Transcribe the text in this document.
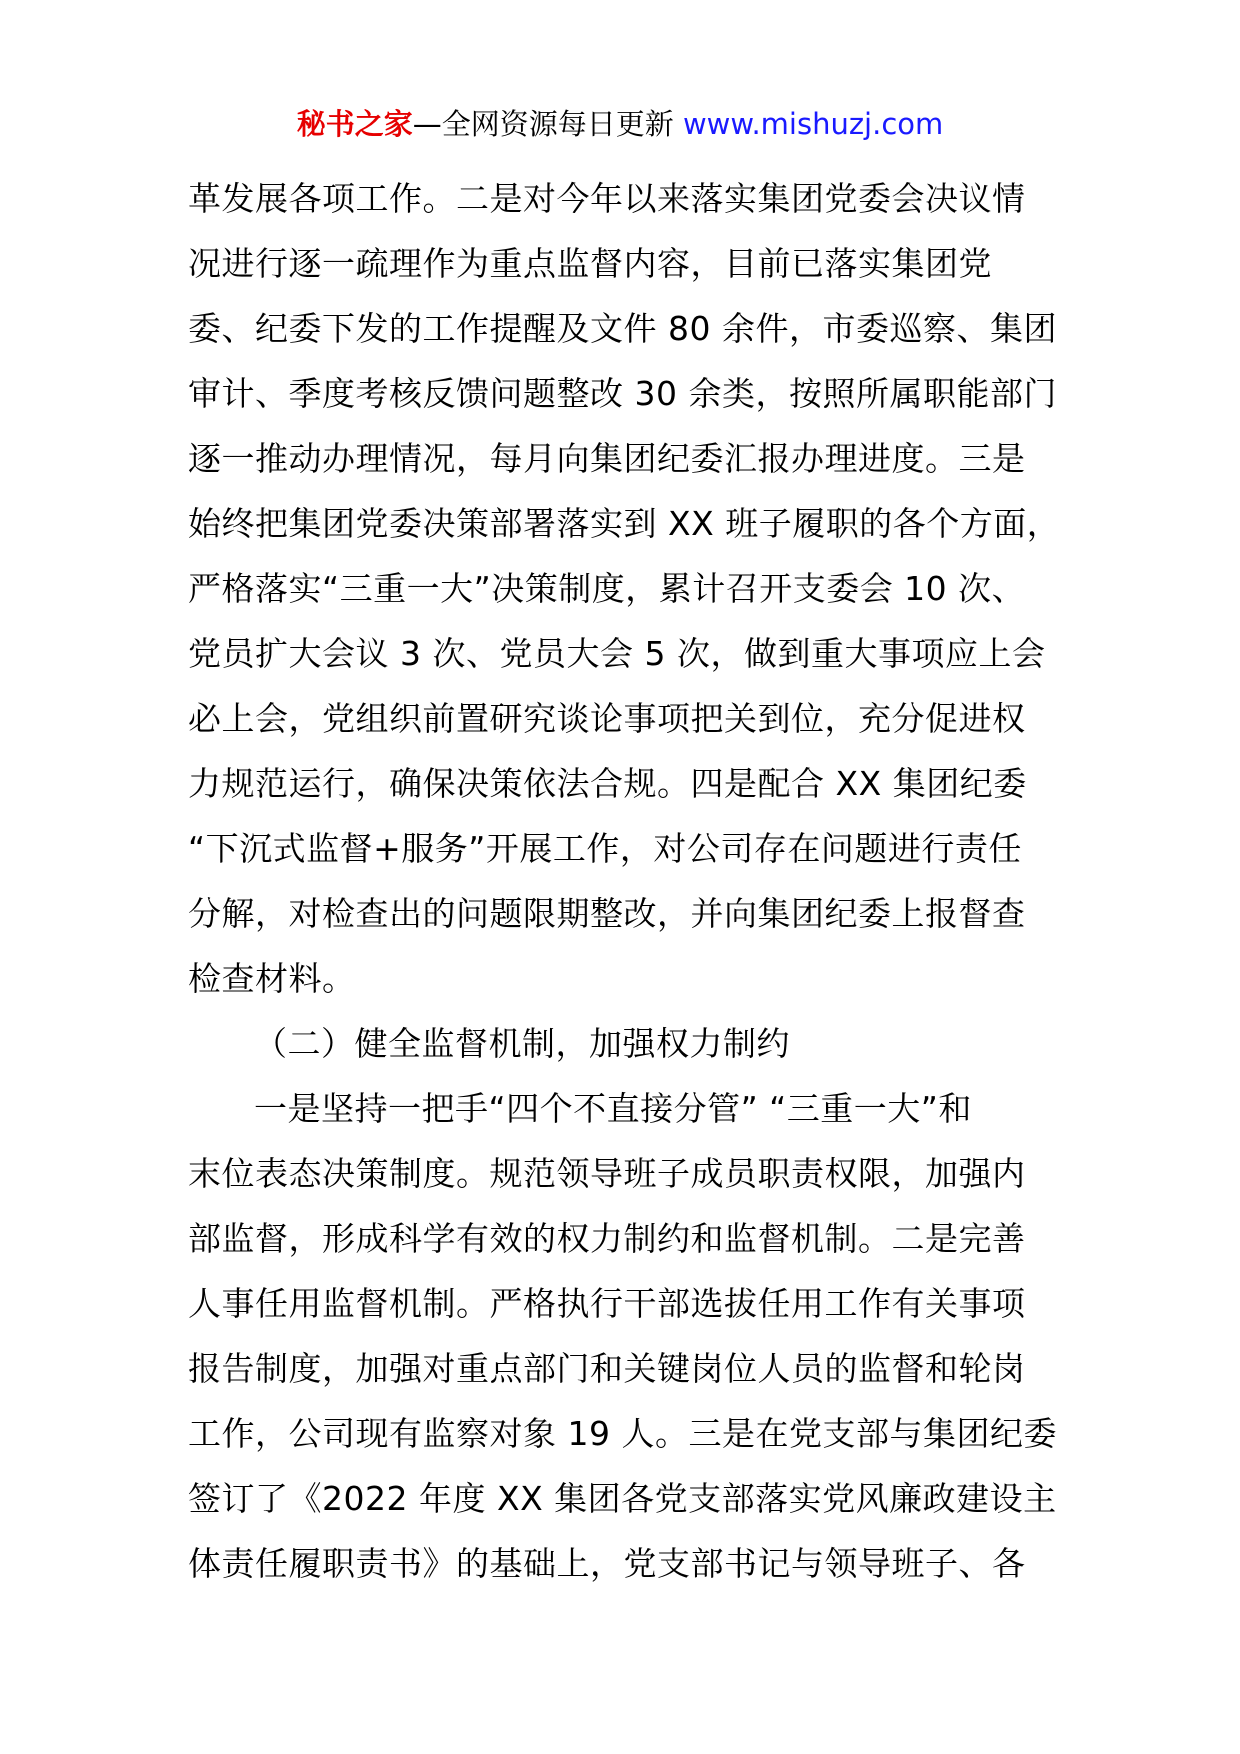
秘书之家—全网资源每日更新 www.mishuzj.com
革发展各项工作。二是对今年以来落实集团党委会决议情
况进行逐一疏理作为重点监督内容，目前已落实集团党
委、纪委下发的工作提醒及文件 80 余件，市委巡察、集团
审计、季度考核反馈问题整改 30 余类，按照所属职能部门
逐一推动办理情况，每月向集团纪委汇报办理进度。三是
始终把集团党委决策部署落实到 XX 班子履职的各个方面，
严格落实“三重一大”决策制度，累计召开支委会 10 次、
党员扩大会议 3 次、党员大会 5 次，做到重大事项应上会
必上会，党组织前置研究谈论事项把关到位，充分促进权
力规范运行，确保决策依法合规。四是配合 XX 集团纪委
“下沉式监督+服务”开展工作，对公司存在问题进行责任
分解，对检查出的问题限期整改，并向集团纪委上报督查
检查材料。
（二）健全监督机制，加强权力制约
一是坚持一把手“四个不直接分管” “三重一大”和
末位表态决策制度。规范领导班子成员职责权限，加强内
部监督，形成科学有效的权力制约和监督机制。二是完善
人事任用监督机制。严格执行干部选拔任用工作有关事项
报告制度，加强对重点部门和关键岗位人员的监督和轮岗
工作，公司现有监察对象 19 人。三是在党支部与集团纪委
签订了《2022 年度 XX 集团各党支部落实党风廉政建设主
体责任履职责书》的基础上，党支部书记与领导班子、各
